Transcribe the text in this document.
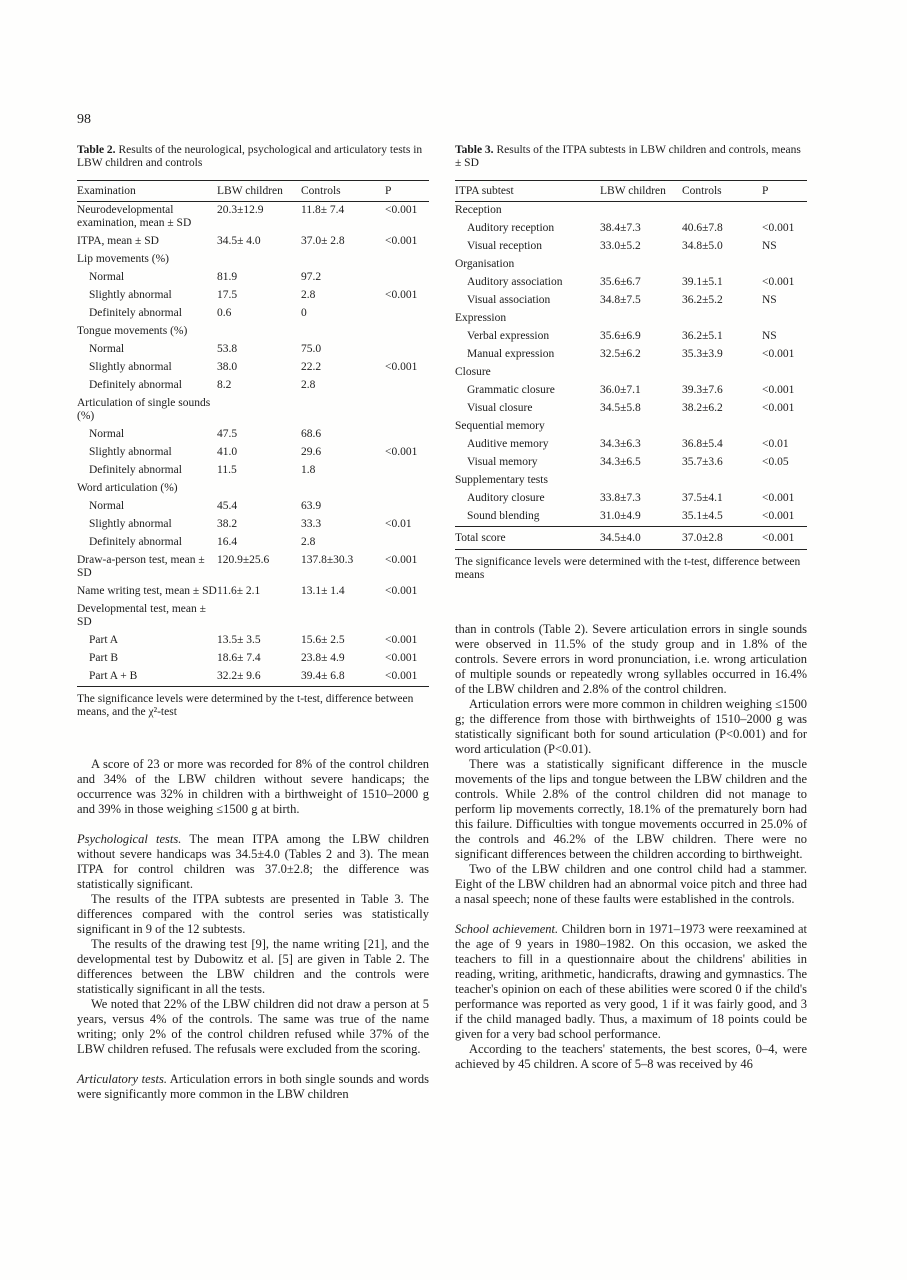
98
Table 2. Results of the neurological, psychological and articulatory tests in LBW children and controls
Examination	LBW children	Controls	P
Neurodevelopmental examination, mean ± SD	20.3±12.9	11.8± 7.4	<0.001
ITPA, mean ± SD	34.5± 4.0	37.0± 2.8	<0.001
Lip movements (%)			
Normal	81.9	97.2	
Slightly abnormal	17.5	2.8	<0.001
Definitely abnormal	0.6	0	
Tongue movements (%)			
Normal	53.8	75.0	
Slightly abnormal	38.0	22.2	<0.001
Definitely abnormal	8.2	2.8	
Articulation of single sounds (%)			
Normal	47.5	68.6	
Slightly abnormal	41.0	29.6	<0.001
Definitely abnormal	11.5	1.8	
Word articulation (%)			
Normal	45.4	63.9	
Slightly abnormal	38.2	33.3	<0.01
Definitely abnormal	16.4	2.8	
Draw-a-person test, mean ± SD	120.9±25.6	137.8±30.3	<0.001
Name writing test, mean ± SD	11.6± 2.1	13.1± 1.4	<0.001
Developmental test, mean ± SD			
Part A	13.5± 3.5	15.6± 2.5	<0.001
Part B	18.6± 7.4	23.8± 4.9	<0.001
Part A + B	32.2± 9.6	39.4± 6.8	<0.001
The significance levels were determined by the t-test, difference between means, and the χ²-test

A score of 23 or more was recorded for 8% of the control children and 34% of the LBW children without severe handicaps; the occurrence was 32% in children with a birthweight of 1510–2000 g and 39% in those weighing ≤1500 g at birth.

Psychological tests. The mean ITPA among the LBW children without severe handicaps was 34.5±4.0 (Tables 2 and 3). The mean ITPA for control children was 37.0±2.8; the difference was statistically significant.

The results of the ITPA subtests are presented in Table 3. The differences compared with the control series was statistically significant in 9 of the 12 subtests.

The results of the drawing test [9], the name writing [21], and the developmental test by Dubowitz et al. [5] are given in Table 2. The differences between the LBW children and the controls were statistically significant in all the tests.

We noted that 22% of the LBW children did not draw a person at 5 years, versus 4% of the controls. The same was true of the name writing; only 2% of the control children refused while 37% of the LBW children refused. The refusals were excluded from the scoring.

Articulatory tests. Articulation errors in both single sounds and words were significantly more common in the LBW children

Table 3. Results of the ITPA subtests in LBW children and controls, means ± SD
ITPA subtest	LBW children	Controls	P
Reception			
Auditory reception	38.4±7.3	40.6±7.8	<0.001
Visual reception	33.0±5.2	34.8±5.0	NS
Organisation			
Auditory association	35.6±6.7	39.1±5.1	<0.001
Visual association	34.8±7.5	36.2±5.2	NS
Expression			
Verbal expression	35.6±6.9	36.2±5.1	NS
Manual expression	32.5±6.2	35.3±3.9	<0.001
Closure			
Grammatic closure	36.0±7.1	39.3±7.6	<0.001
Visual closure	34.5±5.8	38.2±6.2	<0.001
Sequential memory			
Auditive memory	34.3±6.3	36.8±5.4	<0.01
Visual memory	34.3±6.5	35.7±3.6	<0.05
Supplementary tests			
Auditory closure	33.8±7.3	37.5±4.1	<0.001
Sound blending	31.0±4.9	35.1±4.5	<0.001
Total score	34.5±4.0	37.0±2.8	<0.001
The significance levels were determined with the t-test, difference between means

than in controls (Table 2). Severe articulation errors in single sounds were observed in 11.5% of the study group and in 1.8% of the controls. Severe errors in word pronunciation, i.e. wrong articulation of multiple sounds or repeatedly wrong syllables occurred in 16.4% of the LBW children and 2.8% of the control children.

Articulation errors were more common in children weighing ≤1500 g; the difference from those with birthweights of 1510–2000 g was statistically significant both for sound articulation (P<0.001) and for word articulation (P<0.01).

There was a statistically significant difference in the muscle movements of the lips and tongue between the LBW children and the controls. While 2.8% of the control children did not manage to perform lip movements correctly, 18.1% of the prematurely born had this failure. Difficulties with tongue movements occurred in 25.0% of the controls and 46.2% of the LBW children. There were no significant differences between the children according to birthweight.

Two of the LBW children and one control child had a stammer. Eight of the LBW children had an abnormal voice pitch and three had a nasal speech; none of these faults were established in the controls.

School achievement. Children born in 1971–1973 were reexamined at the age of 9 years in 1980–1982. On this occasion, we asked the teachers to fill in a questionnaire about the childrens' abilities in reading, writing, arithmetic, handicrafts, drawing and gymnastics. The teacher's opinion on each of these abilities were scored 0 if the child's performance was reported as very good, 1 if it was fairly good, and 3 if the child managed badly. Thus, a maximum of 18 points could be given for a very bad school performance.

According to the teachers' statements, the best scores, 0–4, were achieved by 45 children. A score of 5–8 was received by 46
